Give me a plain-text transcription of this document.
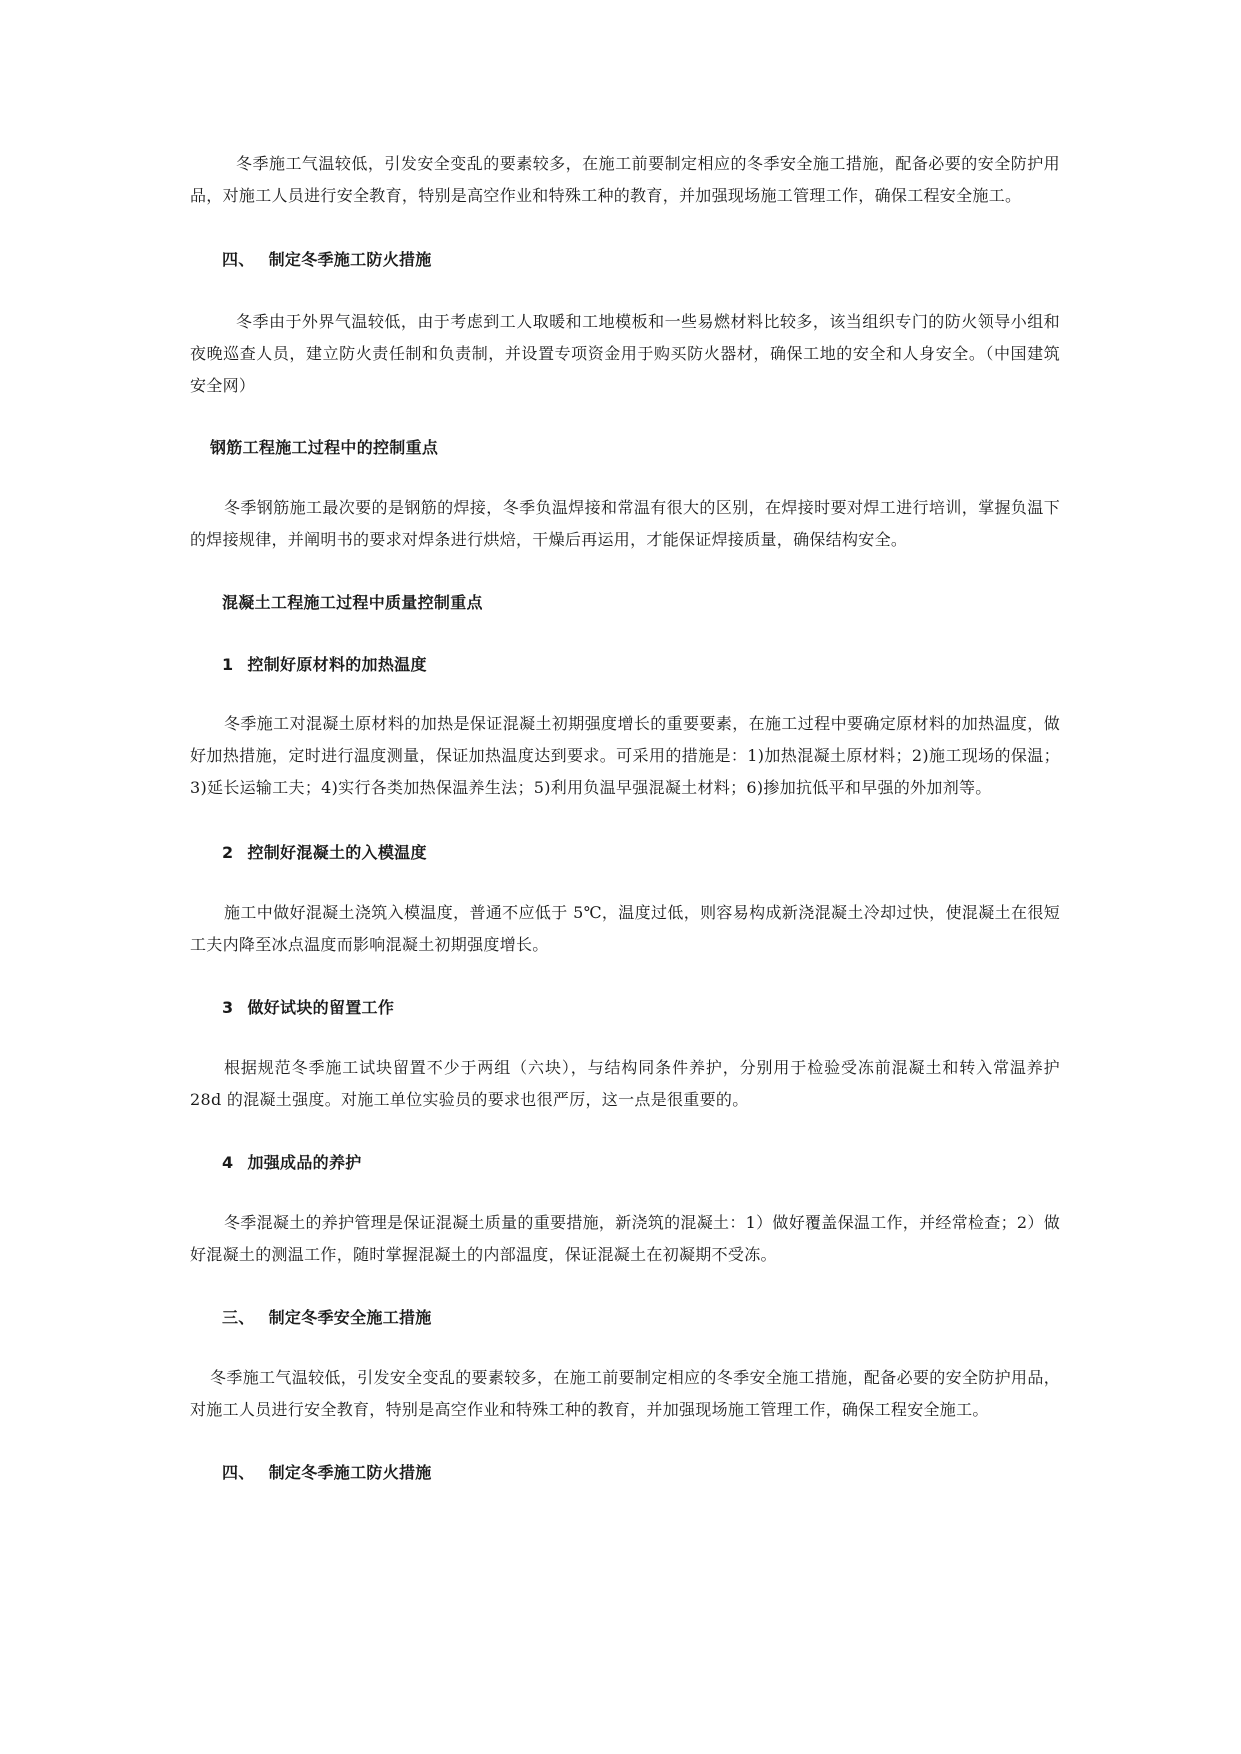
冬季施工气温较低，引发安全变乱的要素较多，在施工前要制定相应的冬季安全施工措施，配备必要的安全防护用品，对施工人员进行安全教育，特别是高空作业和特殊工种的教育，并加强现场施工管理工作，确保工程安全施工。

四、 制定冬季施工防火措施

冬季由于外界气温较低，由于考虑到工人取暖和工地模板和一些易燃材料比较多，该当组织专门的防火领导小组和夜晚巡查人员，建立防火责任制和负责制，并设置专项资金用于购买防火器材，确保工地的安全和人身安全。（中国建筑安全网）

钢筋工程施工过程中的控制重点

冬季钢筋施工最次要的是钢筋的焊接，冬季负温焊接和常温有很大的区别，在焊接时要对焊工进行培训，掌握负温下的焊接规律，并阐明书的要求对焊条进行烘焙，干燥后再运用，才能保证焊接质量，确保结构安全。

混凝土工程施工过程中质量控制重点
1 控制好原材料的加热温度

冬季施工对混凝土原材料的加热是保证混凝土初期强度增长的重要要素，在施工过程中要确定原材料的加热温度，做好加热措施，定时进行温度测量，保证加热温度达到要求。可采用的措施是：1)加热混凝土原材料；2)施工现场的保温；3)延长运输工夫；4)实行各类加热保温养生法；5)利用负温早强混凝土材料；6)掺加抗低平和早强的外加剂等。

2 控制好混凝土的入模温度

施工中做好混凝土浇筑入模温度，普通不应低于 5℃，温度过低，则容易构成新浇混凝土冷却过快，使混凝土在很短工夫内降至冰点温度而影响混凝土初期强度增长。

3 做好试块的留置工作

根据规范冬季施工试块留置不少于两组（六块），与结构同条件养护，分别用于检验受冻前混凝土和转入常温养护 28d 的混凝土强度。对施工单位实验员的要求也很严厉，这一点是很重要的。

4 加强成品的养护

冬季混凝土的养护管理是保证混凝土质量的重要措施，新浇筑的混凝土：1）做好覆盖保温工作，并经常检查；2）做好混凝土的测温工作，随时掌握混凝土的内部温度，保证混凝土在初凝期不受冻。

三、 制定冬季安全施工措施

冬季施工气温较低，引发安全变乱的要素较多，在施工前要制定相应的冬季安全施工措施，配备必要的安全防护用品，对施工人员进行安全教育，特别是高空作业和特殊工种的教育，并加强现场施工管理工作，确保工程安全施工。

四、 制定冬季施工防火措施
